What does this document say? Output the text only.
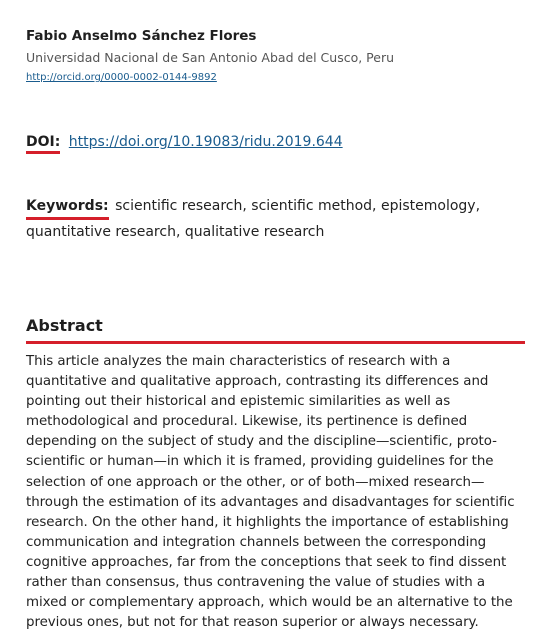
Fabio Anselmo Sánchez Flores
Universidad Nacional de San Antonio Abad del Cusco, Peru
http://orcid.org/0000-0002-0144-9892
DOI: https://doi.org/10.19083/ridu.2019.644
Keywords: scientific research, scientific method, epistemology, quantitative research, qualitative research
Abstract

This article analyzes the main characteristics of research with a quantitative and qualitative approach, contrasting its differences and pointing out their historical and epistemic similarities as well as methodological and procedural. Likewise, its pertinence is defined depending on the subject of study and the discipline—scientific, proto-scientific or human—in which it is framed, providing guidelines for the selection of one approach or the other, or of both—mixed research—through the estimation of its advantages and disadvantages for scientific research. On the other hand, it highlights the importance of establishing communication and integration channels between the corresponding cognitive approaches, far from the conceptions that seek to find dissent rather than consensus, thus contravening the value of studies with a mixed or complementary approach, which would be an alternative to the previous ones, but not for that reason superior or always necessary.
